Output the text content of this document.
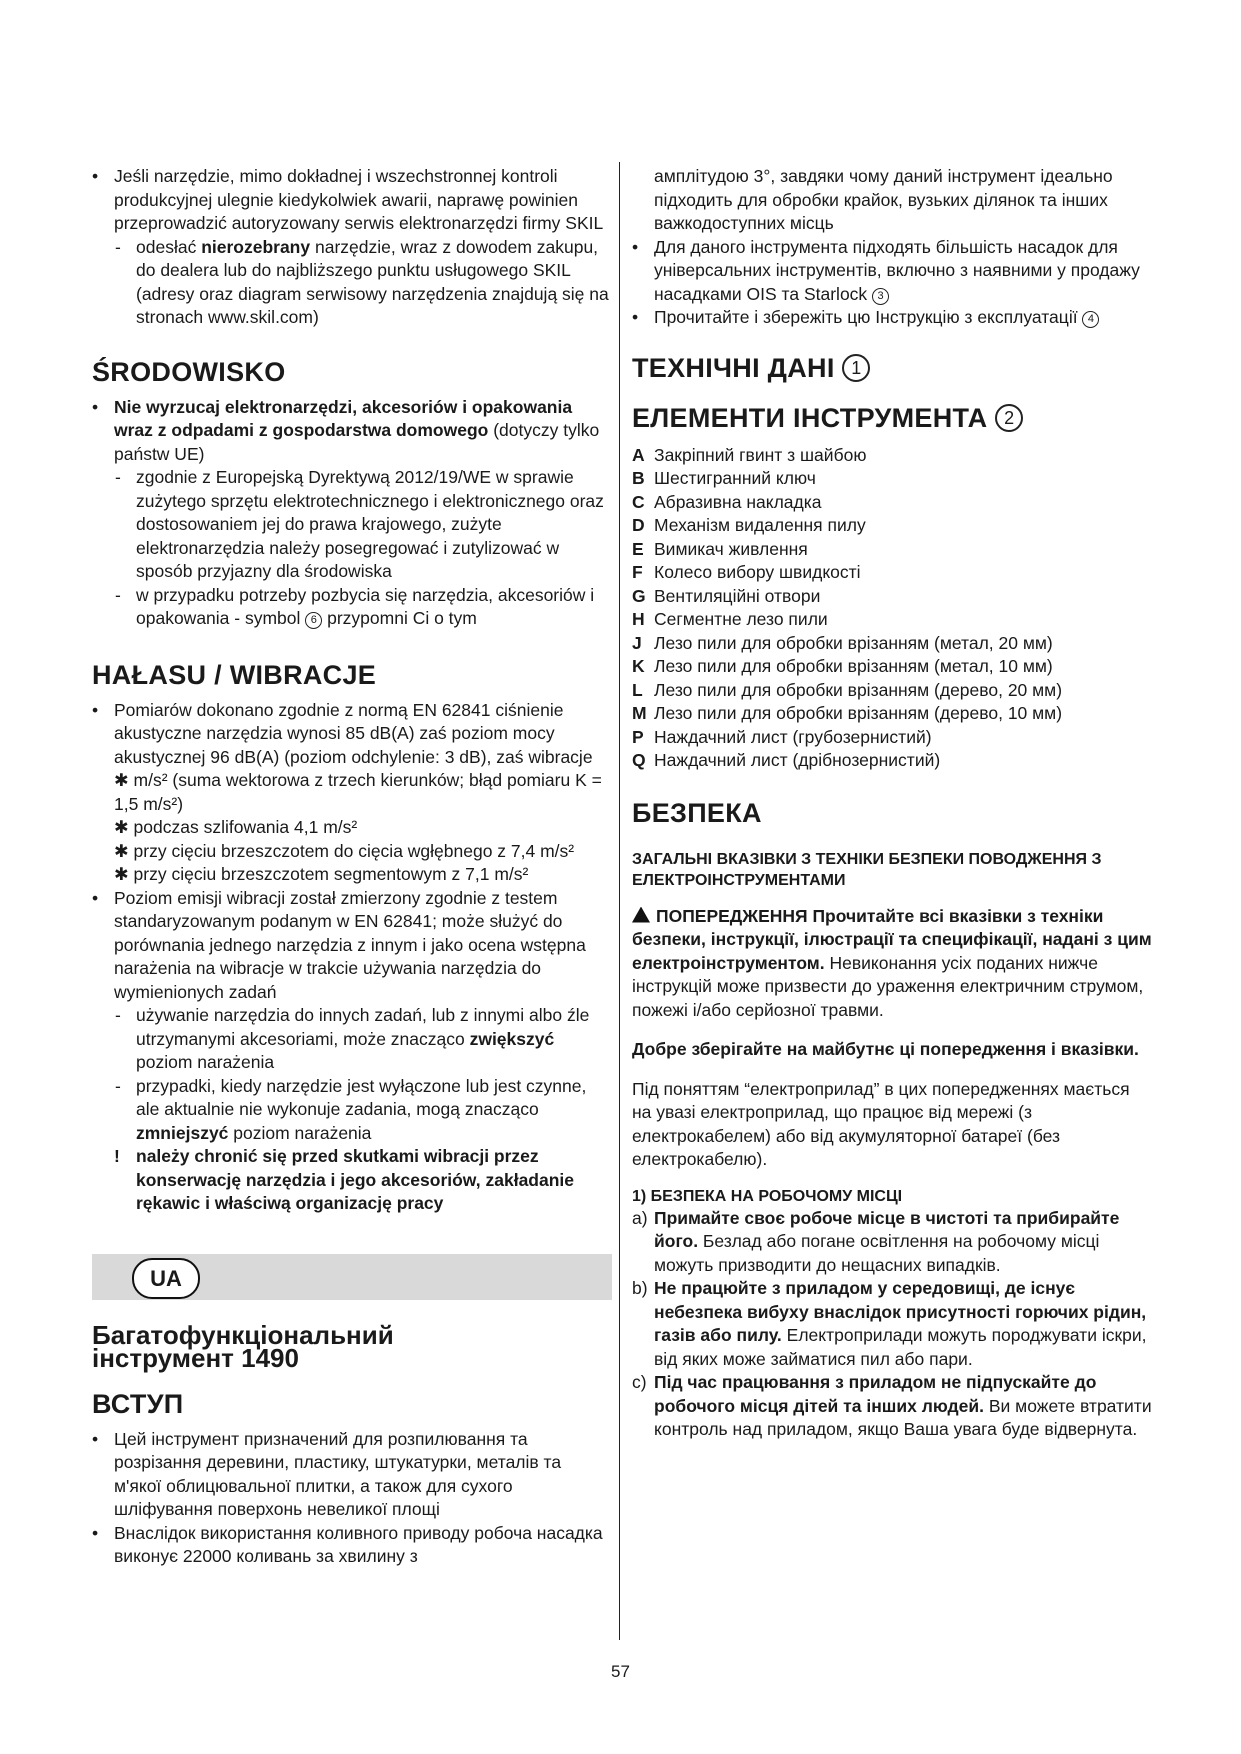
• Jeśli narzędzie, mimo dokładnej i wszechstronnej kontroli produkcyjnej ulegnie kiedykolwiek awarii, naprawę powinien przeprowadzić autoryzowany serwis elektronarzędzi firmy SKIL
- odesłać nierozebrany narzędzie, wraz z dowodem zakupu, do dealera lub do najbliższego punktu usługowego SKIL (adresy oraz diagram serwisowy narzędzenia znajdują się na stronach www.skil.com)
ŚRODOWISKO
• Nie wyrzucaj elektronarzędzi, akcesoriów i opakowania wraz z odpadami z gospodarstwa domowego (dotyczy tylko państw UE)
- zgodnie z Europejską Dyrektywą 2012/19/WE w sprawie zużytego sprzętu elektrotechnicznego i elektronicznego oraz dostosowaniem jej do prawa krajowego, zużyte elektronarzędzia należy posegregować i zutylizować w sposób przyjazny dla środowiska
- w przypadku potrzeby pozbycia się narzędzia, akcesoriów i opakowania - symbol 6 przypomni Ci o tym
HAŁASU / WIBRACJE
• Pomiarów dokonano zgodnie z normą EN 62841 ciśnienie akustyczne narzędzia wynosi 85 dB(A) zaś poziom mocy akustycznej 96 dB(A) (poziom odchylenie: 3 dB), zaś wibracje ✱ m/s² (suma wektorowa z trzech kierunków; błąd pomiaru K = 1,5 m/s²)
✱ podczas szlifowania 4,1 m/s²
✱ przy cięciu brzeszczotem do cięcia wgłębnego z 7,4 m/s²
✱ przy cięciu brzeszczotem segmentowym z 7,1 m/s²
• Poziom emisji wibracji został zmierzony zgodnie z testem standaryzowanym podanym w EN 62841; może służyć do porównania jednego narzędzia z innym i jako ocena wstępna narażenia na wibracje w trakcie używania narzędzia do wymienionych zadań
- używanie narzędzia do innych zadań, lub z innymi albo źle utrzymanymi akcesoriami, może znacząco zwiększyć poziom narażenia
- przypadki, kiedy narzędzie jest wyłączone lub jest czynne, ale aktualnie nie wykonuje zadania, mogą znacząco zmniejszyć poziom narażenia
! należy chronić się przed skutkami wibracji przez konserwację narzędzia i jego akcesoriów, zakładanie rękawic i właściwą organizację pracy
UA
Багатофункціональний
інструмент 1490
ВСТУП
• Цей інструмент призначений для розпилювання та розрізання деревини, пластику, штукатурки, металів та м'якої облицювальної плитки, а також для сухого шліфування поверхонь невеликої площі
• Внаслідок використання коливного приводу робоча насадка виконує 22000 коливань за хвилину з
амплітудою 3°, завдяки чому даний інструмент ідеально підходить для обробки крайок, вузьких ділянок та інших важкодоступних місць
• Для даного інструмента підходять більшість насадок для універсальних інструментів, включно з наявними у продажу насадками OIS та Starlock 3
• Прочитайте і збережіть цю Інструкцію з експлуатації 4
ТЕХНІЧНІ ДАНІ 1
ЕЛЕМЕНТИ ІНСТРУМЕНТА 2
A Закріпний гвинт з шайбою
B Шестигранний ключ
C Абразивна накладка
D Механізм видалення пилу
E Вимикач живлення
F Колесо вибору швидкості
G Вентиляційні отвори
H Сегментне лезо пили
J Лезо пили для обробки врізанням (метал, 20 мм)
K Лезо пили для обробки врізанням (метал, 10 мм)
L Лезо пили для обробки врізанням (дерево, 20 мм)
M Лезо пили для обробки врізанням (дерево, 10 мм)
P Наждачний лист (грубозернистий)
Q Наждачний лист (дрібнозернистий)
БЕЗПЕКА
ЗАГАЛЬНІ ВКАЗІВКИ З ТЕХНІКИ БЕЗПЕКИ ПОВОДЖЕННЯ З ЕЛЕКТРОІНСТРУМЕНТАМИ
ПОПЕРЕДЖЕННЯ Прочитайте всі вказівки з техніки безпеки, інструкції, ілюстрації та специфікації, надані з цим електроінструментом. Невиконання усіх поданих нижче інструкцій може призвести до ураження електричним струмом, пожежі і/або серйозної травми.
Добре зберігайте на майбутнє ці попередження і вказівки.
Під поняттям “електроприлад” в цих попередженнях мається на увазі електроприлад, що працює від мережі (з електрокабелем) або від акумуляторної батареї (без електрокабелю).
1) БЕЗПЕКА НА РОБОЧОМУ МІСЦІ
a) Примайте своє робоче місце в чистоті та прибирайте його. Безлад або погане освітлення на робочому місці можуть призводити до нещасних випадків.
b) Не працюйте з приладом у середовищі, де існує небезпека вибуху внаслідок присутності горючих рідин, газів або пилу. Електроприлади можуть породжувати іскри, від яких може займатися пил або пари.
c) Під час працювання з приладом не підпускайте до робочого місця дітей та інших людей. Ви можете втратити контроль над приладом, якщо Ваша увага буде відвернута.
57
